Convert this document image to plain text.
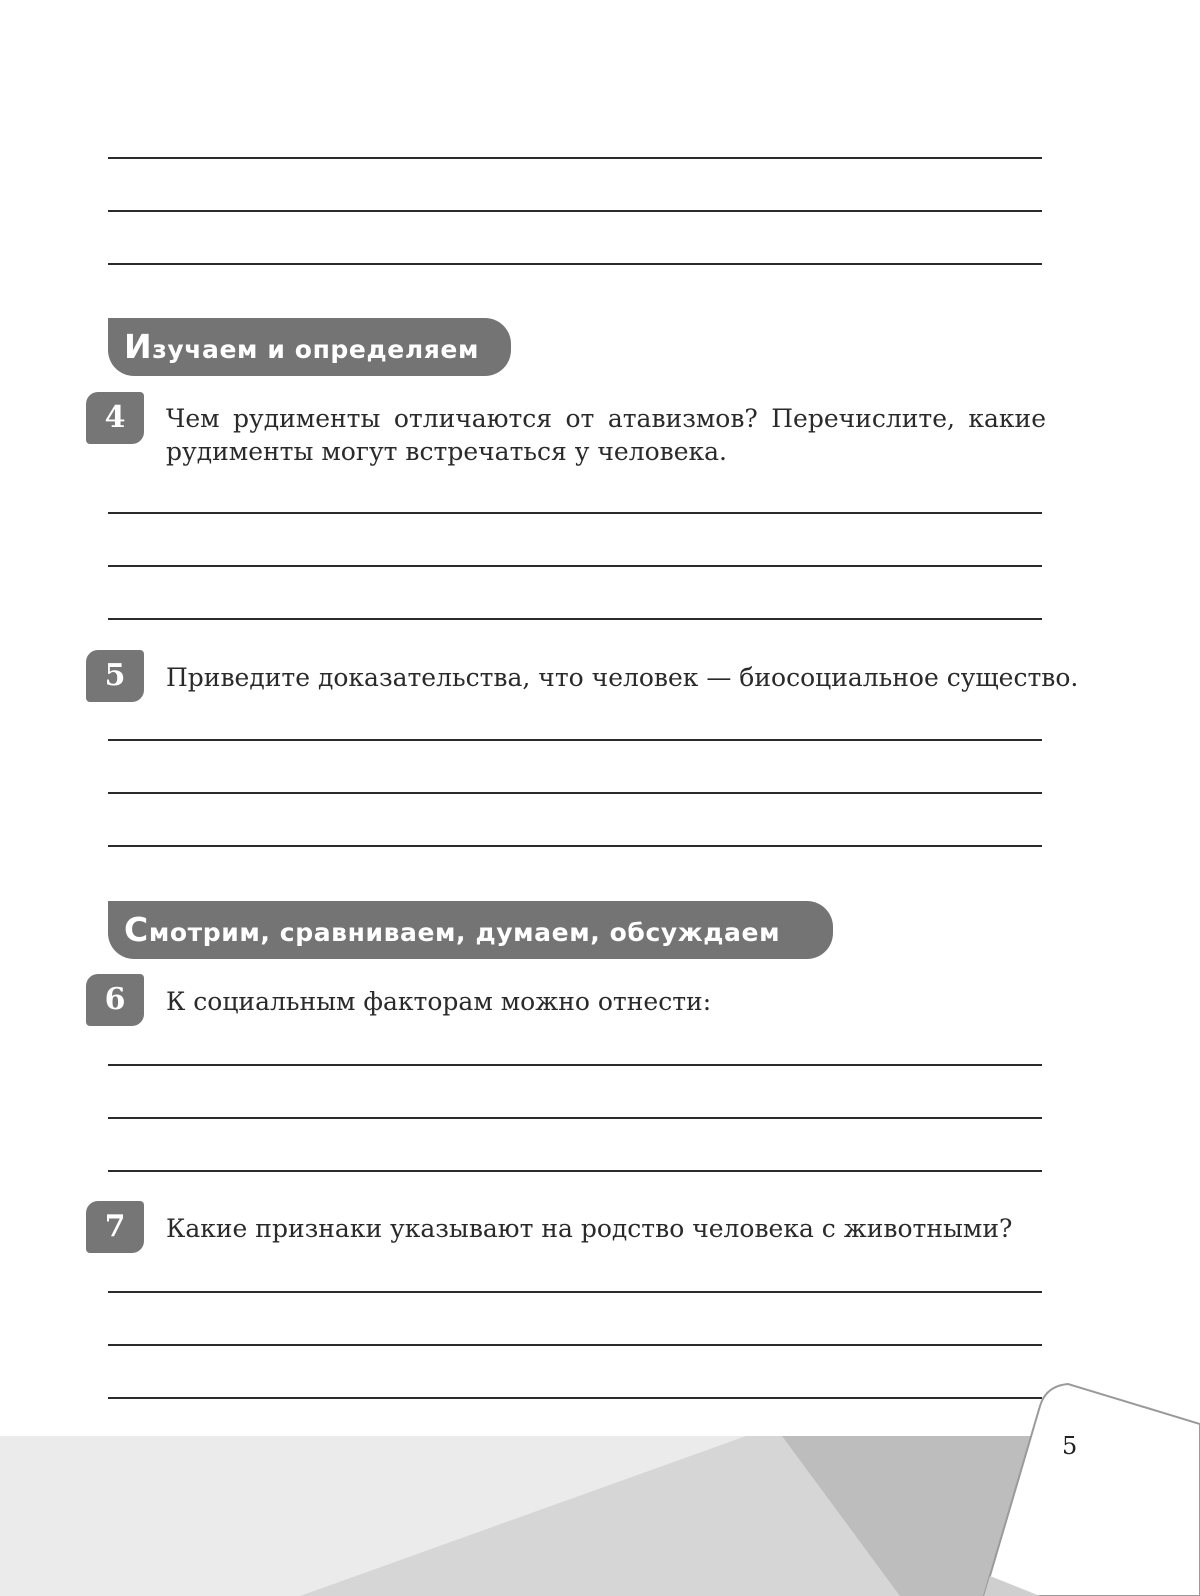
Изучаем и определяем
4	Чем рудименты отличаются от атавизмов? Перечислите, какие рудименты могут встречаться у человека.
5	Приведите доказательства, что человек — биосоциальное существо.
Смотрим, сравниваем, думаем, обсуждаем
6	К социальным факторам можно отнести:
7	Какие признаки указывают на родство человека с животными?
5
